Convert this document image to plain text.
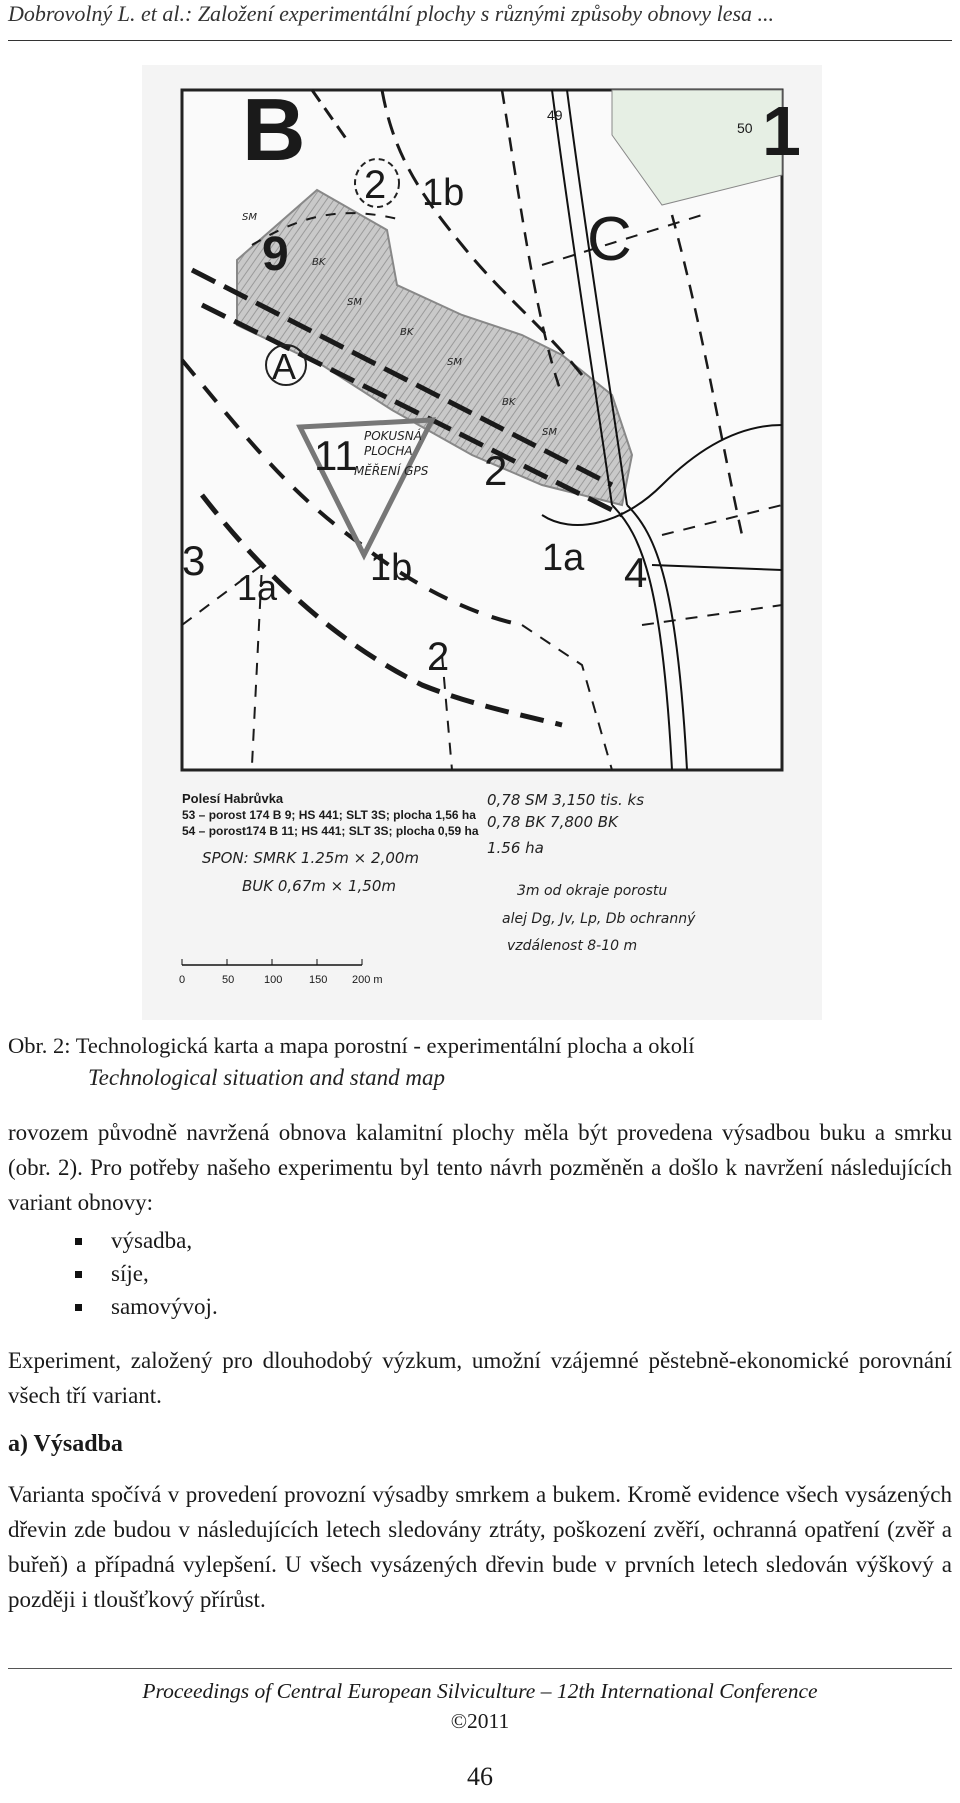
Dobrovolný L. et al.: Založení experimentální plochy s různými způsoby obnovy lesa ...
B
C
1
49
50
2 1b
9
A
11	2
3
1a 1b	1a 4
2
POKUSNÁ
PLOCHA
MĚŘENÍ GPS
SM
BK
SM
BK
SM
BK
SM
Polesí Habrůvka
53 – porost 174 B 9; HS 441; SLT 3S; plocha 1,56 ha
54 – porost174 B 11; HS 441; SLT 3S; plocha 0,59 ha
0,78 SM 3,150 tis. ks
0,78 BK 7,800 BK
1.56 ha
SPON: SMRK 1.25m × 2,00m
BUK 0,67m × 1,50m	3m od okraje porostu
alej Dg, Jv, Lp, Db ochranný
vzdálenost 8-10 m
0	50	100 150 200 m
Obr. 2: Technologická karta a mapa porostní - experimentální plocha a okolí
Technological situation and stand map
rovozem původně navržená obnova kalamitní plochy měla být provedena výsadbou buku a smrku (obr. 2). Pro potřeby našeho experimentu byl tento návrh pozměněn a došlo k navržení následujících variant obnovy:
výsadba,
síje,
samovývoj.
Experiment, založený pro dlouhodobý výzkum, umožní vzájemné pěstebně-ekonomické porovnání všech tří variant.
a) Výsadba
Varianta spočívá v provedení provozní výsadby smrkem a bukem. Kromě evidence všech vysázených dřevin zde budou v následujících letech sledovány ztráty, poškození zvěří, ochranná opatření (zvěř a buřeň) a případná vylepšení. U všech vysázených dřevin bude v prvních letech sledován výškový a později i tloušťkový přírůst.
Proceedings of Central European Silviculture – 12th International Conference
©2011
46
